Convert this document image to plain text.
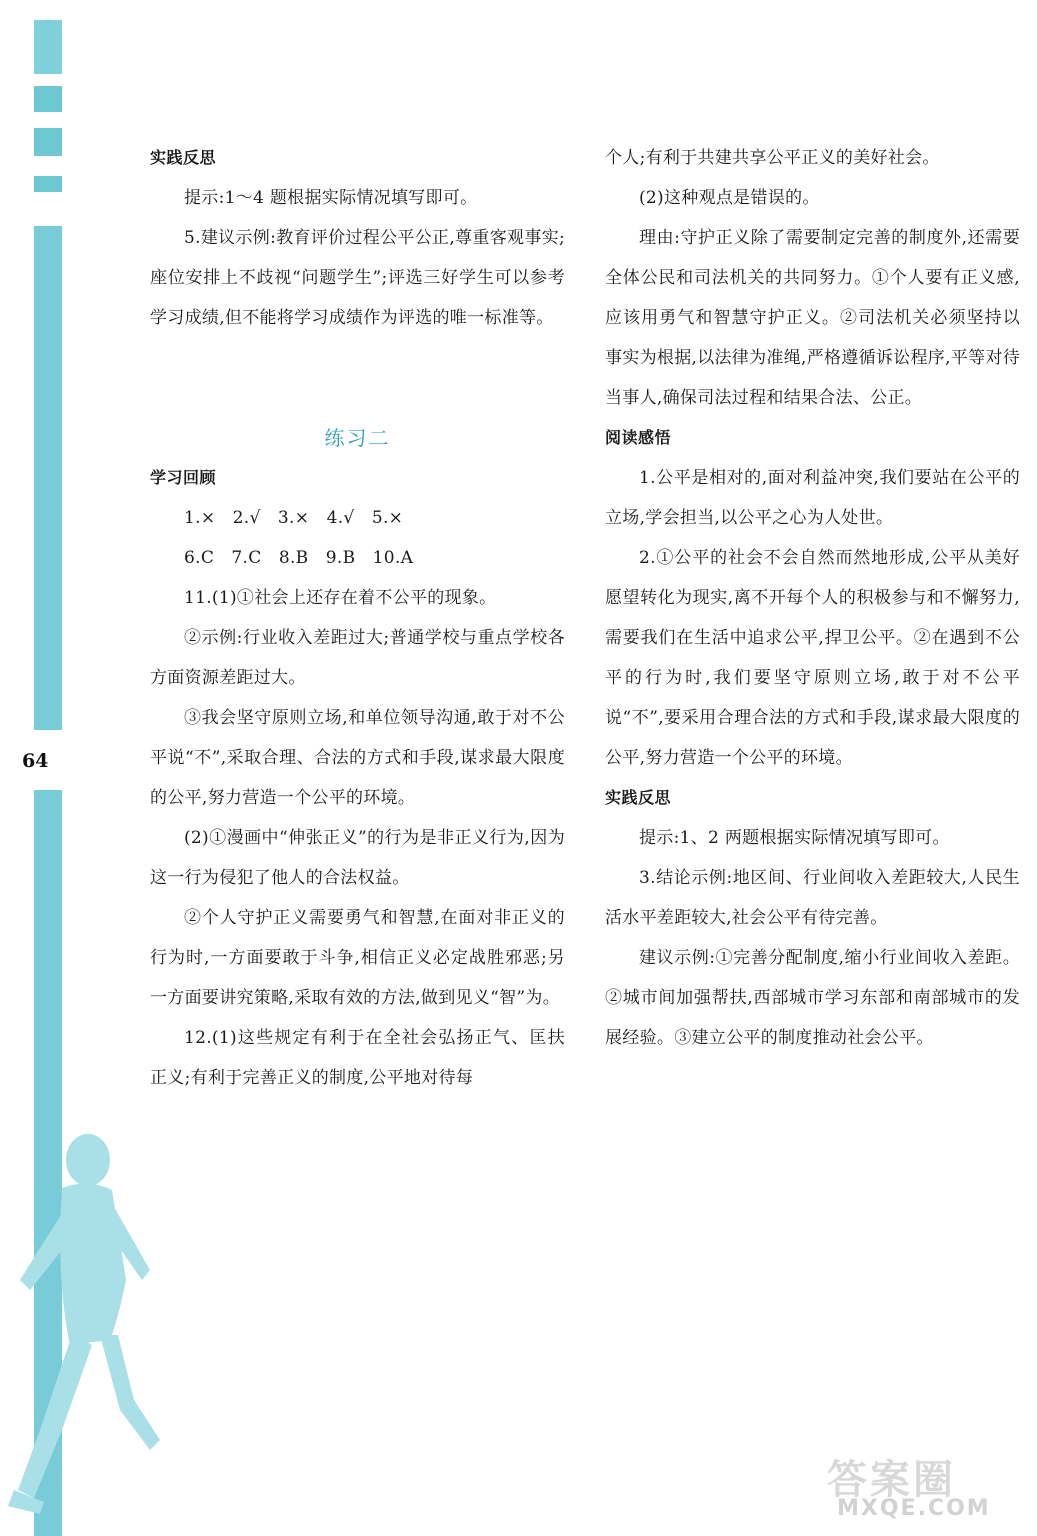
64

实践反思

提示:1～4 题根据实际情况填写即可。

5.建议示例:教育评价过程公平公正,尊重客观事实;座位安排上不歧视“问题学生”;评选三好学生可以参考学习成绩,但不能将学习成绩作为评选的唯一标准等。

练习二

学习回顾

1.×　2.√　3.×　4.√　5.×

6.C　7.C　8.B　9.B　10.A

11.(1)①社会上还存在着不公平的现象。

②示例:行业收入差距过大;普通学校与重点学校各方面资源差距过大。

③我会坚守原则立场,和单位领导沟通,敢于对不公平说“不”,采取合理、合法的方式和手段,谋求最大限度的公平,努力营造一个公平的环境。

(2)①漫画中“伸张正义”的行为是非正义行为,因为这一行为侵犯了他人的合法权益。

②个人守护正义需要勇气和智慧,在面对非正义的行为时,一方面要敢于斗争,相信正义必定战胜邪恶;另一方面要讲究策略,采取有效的方法,做到见义“智”为。

12.(1)这些规定有利于在全社会弘扬正气、匡扶正义;有利于完善正义的制度,公平地对待每

个人;有利于共建共享公平正义的美好社会。

(2)这种观点是错误的。

理由:守护正义除了需要制定完善的制度外,还需要全体公民和司法机关的共同努力。①个人要有正义感,应该用勇气和智慧守护正义。②司法机关必须坚持以事实为根据,以法律为准绳,严格遵循诉讼程序,平等对待当事人,确保司法过程和结果合法、公正。

阅读感悟

1.公平是相对的,面对利益冲突,我们要站在公平的立场,学会担当,以公平之心为人处世。

2.①公平的社会不会自然而然地形成,公平从美好愿望转化为现实,离不开每个人的积极参与和不懈努力,需要我们在生活中追求公平,捍卫公平。②在遇到不公平的行为时,我们要坚守原则立场,敢于对不公平说“不”,要采用合理合法的方式和手段,谋求最大限度的公平,努力营造一个公平的环境。

实践反思

提示:1、2 两题根据实际情况填写即可。

3.结论示例:地区间、行业间收入差距较大,人民生活水平差距较大,社会公平有待完善。

建议示例:①完善分配制度,缩小行业间收入差距。②城市间加强帮扶,西部城市学习东部和南部城市的发展经验。③建立公平的制度推动社会公平。

答案圈
MXQE.COM
